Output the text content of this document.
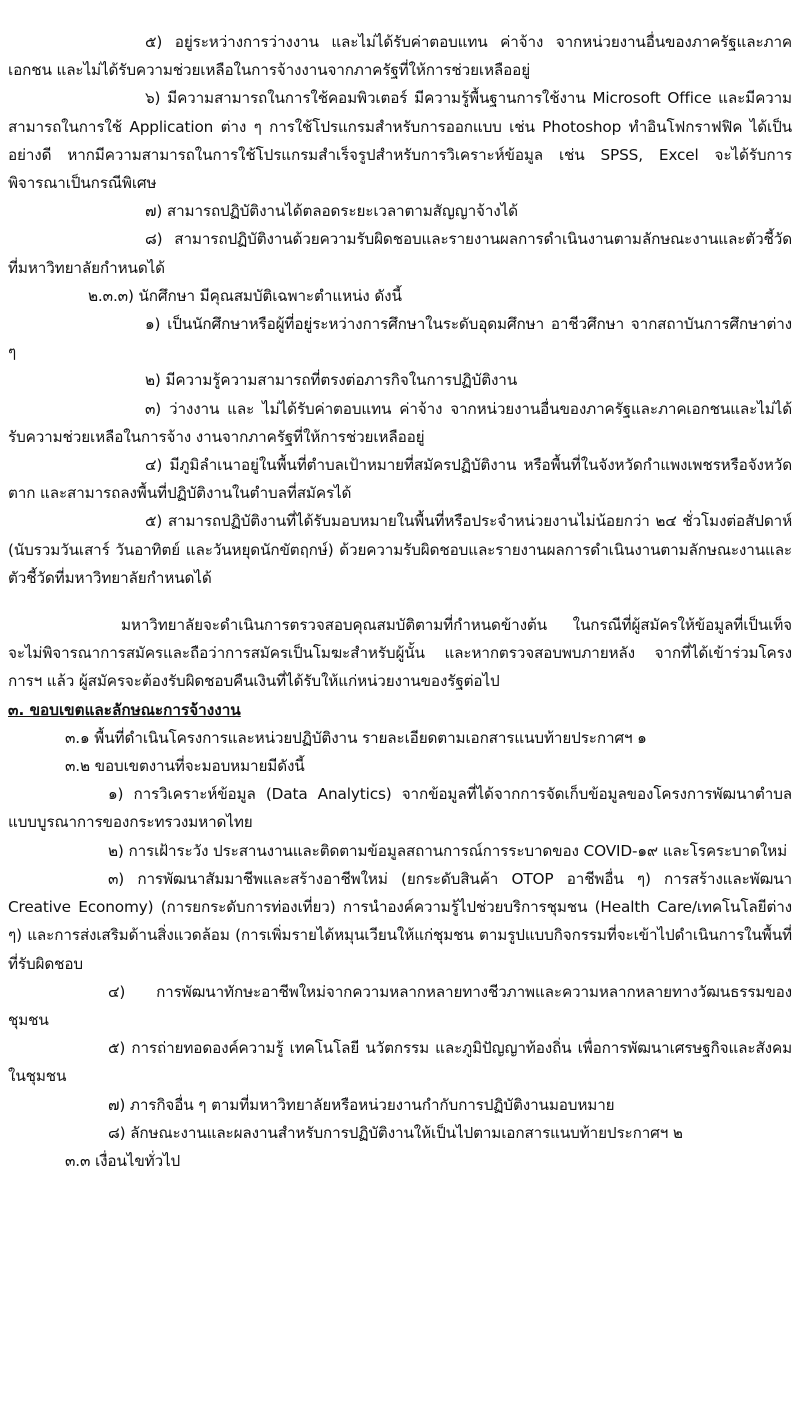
๕) อยู่ระหว่างการว่างงาน และไม่ได้รับค่าตอบแทน ค่าจ้าง จากหน่วยงานอื่นของภาครัฐและภาคเอกชน และไม่ได้รับความช่วยเหลือในการจ้างงานจากภาครัฐที่ให้การช่วยเหลืออยู่

๖) มีความสามารถในการใช้คอมพิวเตอร์ มีความรู้พื้นฐานการใช้งาน Microsoft Office และมีความสามารถในการใช้ Application ต่าง ๆ การใช้โปรแกรมสำหรับการออกแบบ เช่น Photoshop ทำอินโฟกราฟฟิค ได้เป็นอย่างดี หากมีความสามารถในการใช้โปรแกรมสำเร็จรูปสำหรับการวิเคราะห์ข้อมูล เช่น SPSS, Excel จะได้รับการพิจารณาเป็นกรณีพิเศษ

๗) สามารถปฏิบัติงานได้ตลอดระยะเวลาตามสัญญาจ้างได้

๘) สามารถปฏิบัติงานด้วยความรับผิดชอบและรายงานผลการดำเนินงานตามลักษณะงานและตัวชี้วัดที่มหาวิทยาลัยกำหนดได้

๒.๓.๓) นักศึกษา มีคุณสมบัติเฉพาะตำแหน่ง ดังนี้

๑) เป็นนักศึกษาหรือผู้ที่อยู่ระหว่างการศึกษาในระดับอุดมศึกษา อาชีวศึกษา จากสถาบันการศึกษาต่าง ๆ

๒) มีความรู้ความสามารถที่ตรงต่อภารกิจในการปฏิบัติงาน

๓) ว่างงาน และ ไม่ได้รับค่าตอบแทน ค่าจ้าง จากหน่วยงานอื่นของภาครัฐและภาคเอกชนและไม่ได้รับความช่วยเหลือในการจ้าง งานจากภาครัฐที่ให้การช่วยเหลืออยู่

๔) มีภูมิลำเนาอยู่ในพื้นที่ตำบลเป้าหมายที่สมัครปฏิบัติงาน หรือพื้นที่ในจังหวัดกำแพงเพชรหรือจังหวัดตาก และสามารถลงพื้นที่ปฏิบัติงานในตำบลที่สมัครได้

๕) สามารถปฏิบัติงานที่ได้รับมอบหมายในพื้นที่หรือประจำหน่วยงานไม่น้อยกว่า ๒๔ ชั่วโมงต่อสัปดาห์ (นับรวมวันเสาร์ วันอาทิตย์ และวันหยุดนักขัตฤกษ์) ด้วยความรับผิดชอบและรายงานผลการดำเนินงานตามลักษณะงานและตัวชี้วัดที่มหาวิทยาลัยกำหนดได้

มหาวิทยาลัยจะดำเนินการตรวจสอบคุณสมบัติตามที่กำหนดข้างต้น ในกรณีที่ผู้สมัครให้ข้อมูลที่เป็นเท็จ จะไม่พิจารณาการสมัครและถือว่าการสมัครเป็นโมฆะสำหรับผู้นั้น และหากตรวจสอบพบภายหลัง จากที่ได้เข้าร่วมโครงการฯ แล้ว ผู้สมัครจะต้องรับผิดชอบคืนเงินที่ได้รับให้แก่หน่วยงานของรัฐต่อไป

๓. ขอบเขตและลักษณะการจ้างงาน

๓.๑ พื้นที่ดำเนินโครงการและหน่วยปฏิบัติงาน รายละเอียดตามเอกสารแนบท้ายประกาศฯ ๑

๓.๒ ขอบเขตงานที่จะมอบหมายมีดังนี้

๑) การวิเคราะห์ข้อมูล (Data Analytics) จากข้อมูลที่ได้จากการจัดเก็บข้อมูลของโครงการพัฒนาตำบลแบบบูรณาการของกระทรวงมหาดไทย

๒) การเฝ้าระวัง ประสานงานและติดตามข้อมูลสถานการณ์การระบาดของ COVID-๑๙ และโรคระบาดใหม่

๓) การพัฒนาสัมมาชีพและสร้างอาชีพใหม่ (ยกระดับสินค้า OTOP อาชีพอื่น ๆ) การสร้างและพัฒนา Creative Economy) (การยกระดับการท่องเที่ยว) การนำองค์ความรู้ไปช่วยบริการชุมชน (Health Care/เทคโนโลยีต่าง ๆ) และการส่งเสริมด้านสิ่งแวดล้อม (การเพิ่มรายได้หมุนเวียนให้แก่ชุมชน ตามรูปแบบกิจกรรมที่จะเข้าไปดำเนินการในพื้นที่ที่รับผิดชอบ

๔) การพัฒนาทักษะอาชีพใหม่จากความหลากหลายทางชีวภาพและความหลากหลายทางวัฒนธรรมของชุมชน

๕) การถ่ายทอดองค์ความรู้ เทคโนโลยี นวัตกรรม และภูมิปัญญาท้องถิ่น เพื่อการพัฒนาเศรษฐกิจและสังคมในชุมชน

๗) ภารกิจอื่น ๆ ตามที่มหาวิทยาลัยหรือหน่วยงานกำกับการปฏิบัติงานมอบหมาย

๘) ลักษณะงานและผลงานสำหรับการปฏิบัติงานให้เป็นไปตามเอกสารแนบท้ายประกาศฯ ๒

๓.๓ เงื่อนไขทั่วไป
